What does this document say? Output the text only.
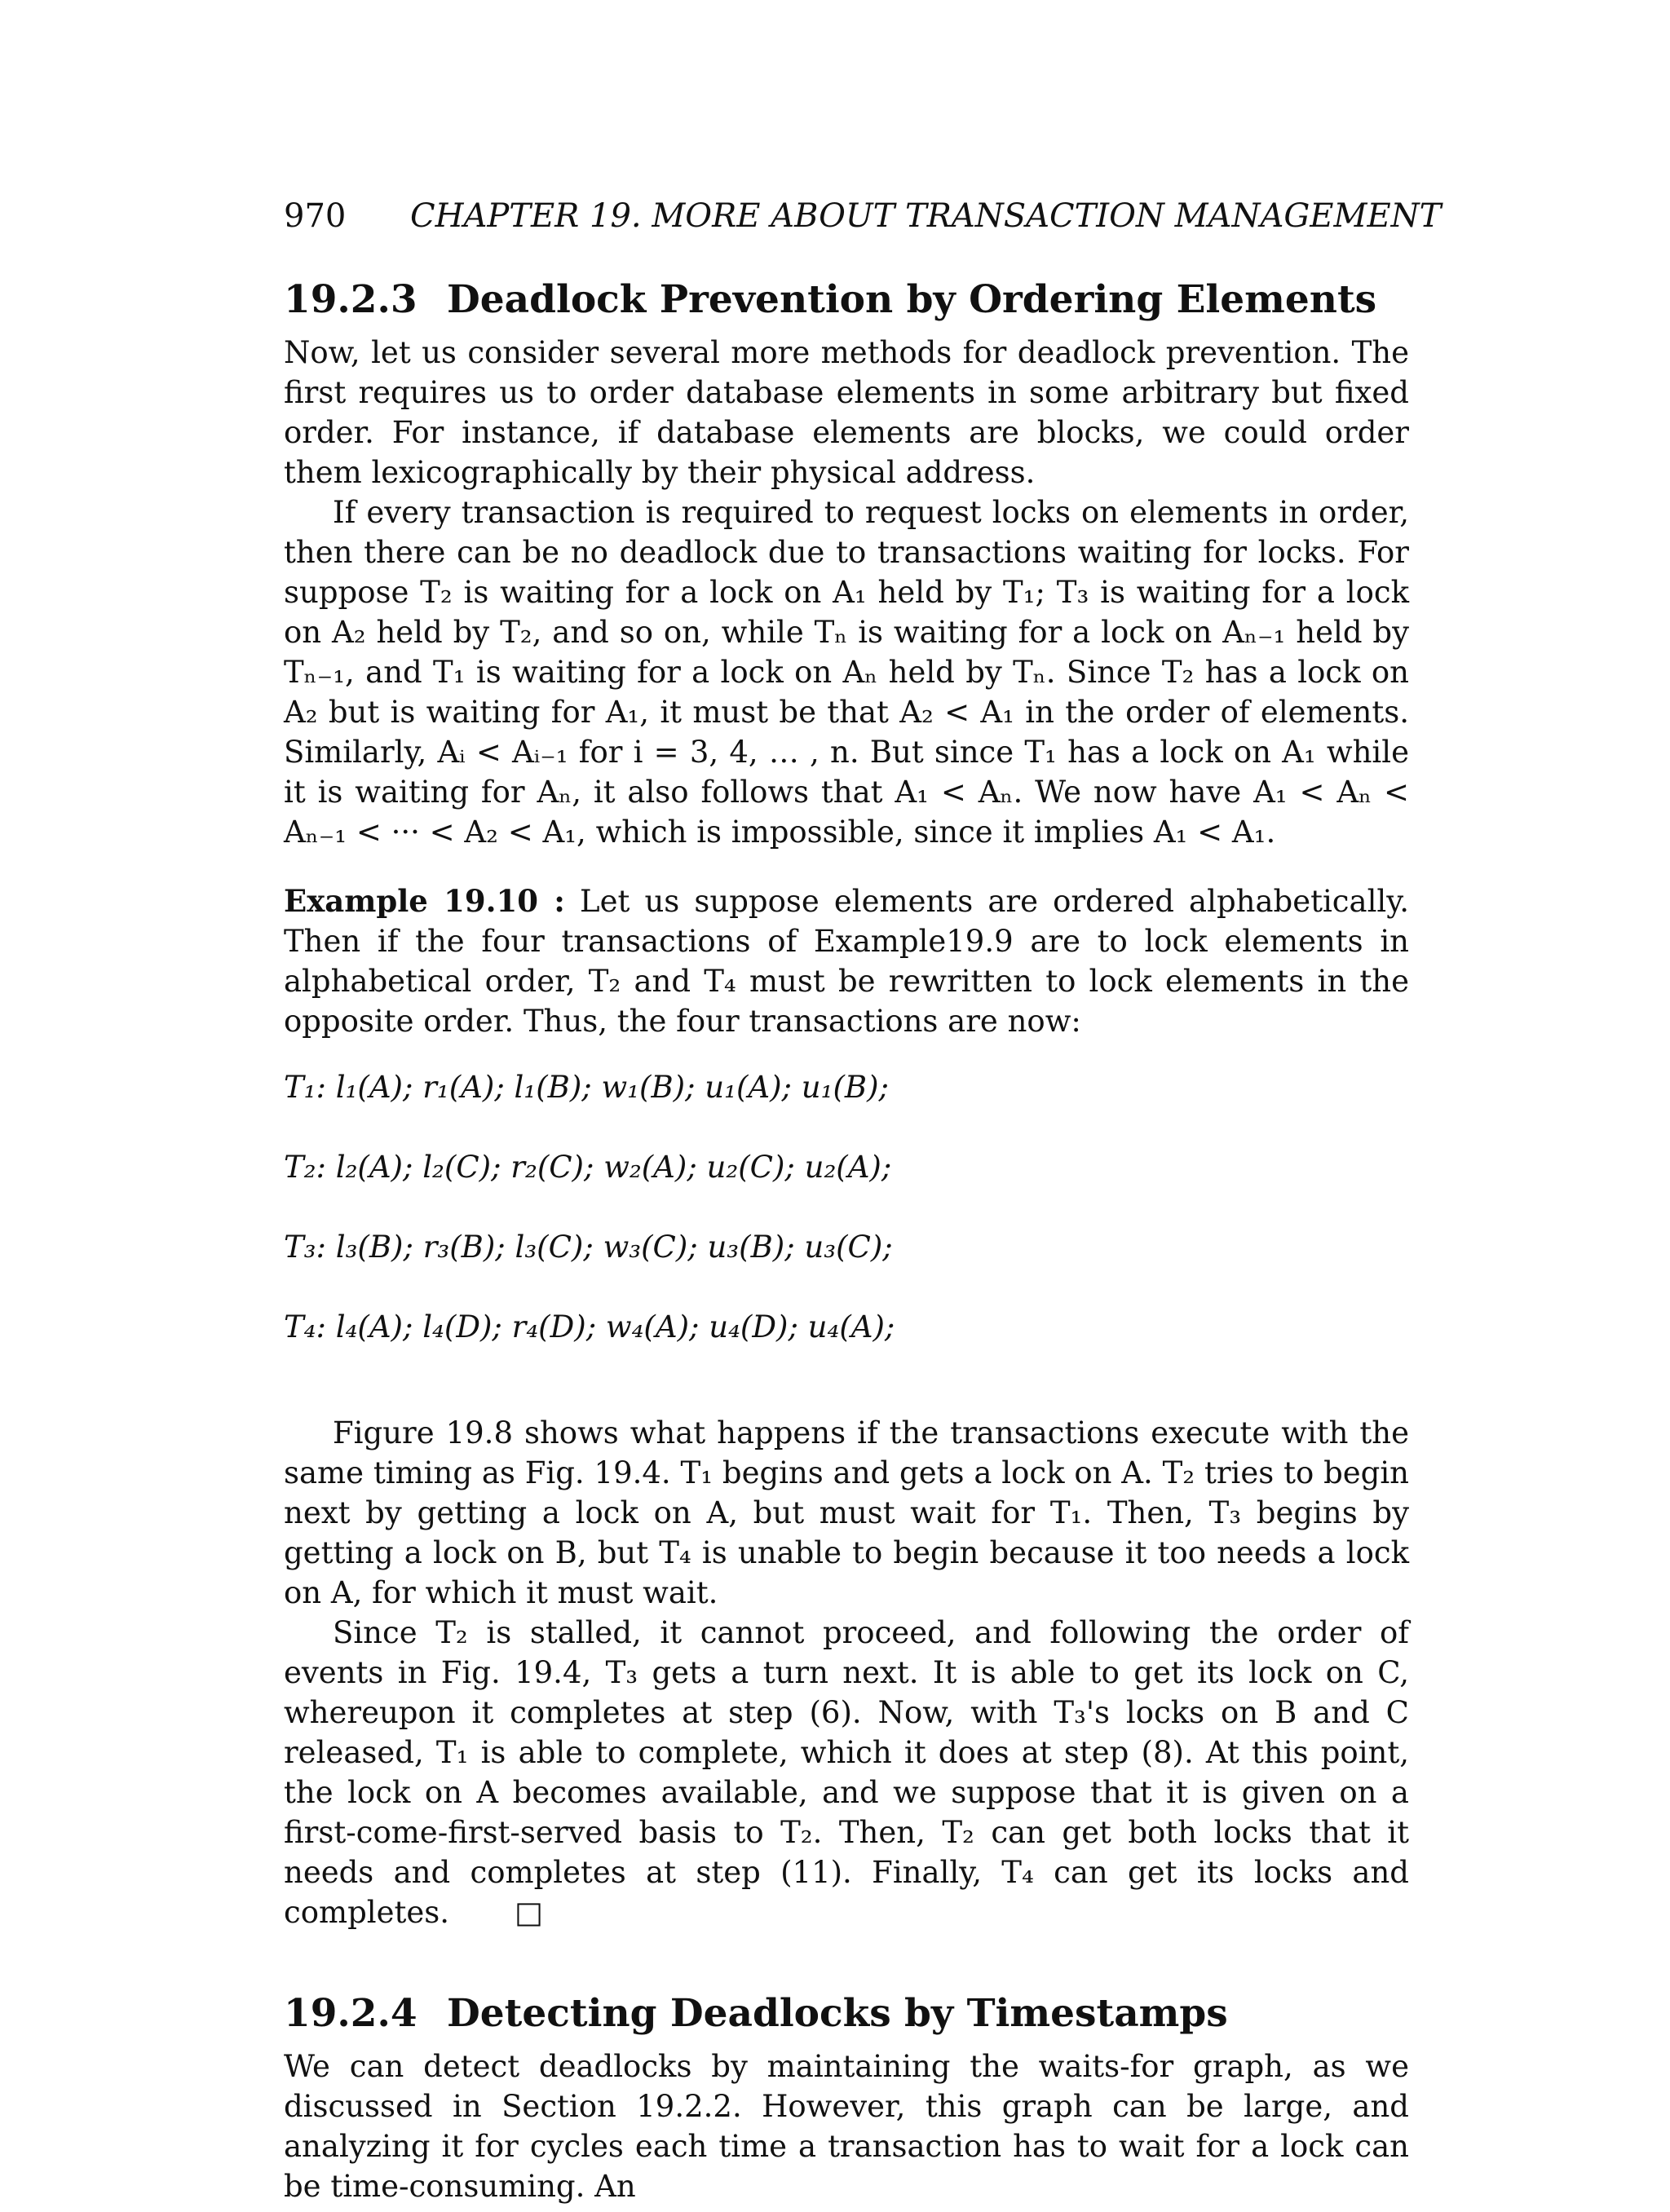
970 CHAPTER 19. MORE ABOUT TRANSACTION MANAGEMENT
19.2.3 Deadlock Prevention by Ordering Elements

Now, let us consider several more methods for deadlock prevention. The first requires us to order database elements in some arbitrary but fixed order. For instance, if database elements are blocks, we could order them lexicographically by their physical address.

If every transaction is required to request locks on elements in order, then there can be no deadlock due to transactions waiting for locks. For suppose T₂ is waiting for a lock on A₁ held by T₁; T₃ is waiting for a lock on A₂ held by T₂, and so on, while Tₙ is waiting for a lock on Aₙ₋₁ held by Tₙ₋₁, and T₁ is waiting for a lock on Aₙ held by Tₙ. Since T₂ has a lock on A₂ but is waiting for A₁, it must be that A₂ < A₁ in the order of elements. Similarly, Aᵢ < Aᵢ₋₁ for i = 3, 4, … , n. But since T₁ has a lock on A₁ while it is waiting for Aₙ, it also follows that A₁ < Aₙ. We now have A₁ < Aₙ < Aₙ₋₁ < ··· < A₂ < A₁, which is impossible, since it implies A₁ < A₁.

Example 19.10 : Let us suppose elements are ordered alphabetically. Then if the four transactions of Example19.9 are to lock elements in alphabetical order, T₂ and T₄ must be rewritten to lock elements in the opposite order. Thus, the four transactions are now:

T₁: l₁(A); r₁(A); l₁(B); w₁(B); u₁(A); u₁(B);
T₂: l₂(A); l₂(C); r₂(C); w₂(A); u₂(C); u₂(A);
T₃: l₃(B); r₃(B); l₃(C); w₃(C); u₃(B); u₃(C);
T₄: l₄(A); l₄(D); r₄(D); w₄(A); u₄(D); u₄(A);

Figure 19.8 shows what happens if the transactions execute with the same timing as Fig. 19.4. T₁ begins and gets a lock on A. T₂ tries to begin next by getting a lock on A, but must wait for T₁. Then, T₃ begins by getting a lock on B, but T₄ is unable to begin because it too needs a lock on A, for which it must wait.

Since T₂ is stalled, it cannot proceed, and following the order of events in Fig. 19.4, T₃ gets a turn next. It is able to get its lock on C, whereupon it completes at step (6). Now, with T₃'s locks on B and C released, T₁ is able to complete, which it does at step (8). At this point, the lock on A becomes available, and we suppose that it is given on a first-come-first-served basis to T₂. Then, T₂ can get both locks that it needs and completes at step (11). Finally, T₄ can get its locks and completes. □

19.2.4 Detecting Deadlocks by Timestamps

We can detect deadlocks by maintaining the waits-for graph, as we discussed in Section 19.2.2. However, this graph can be large, and analyzing it for cycles each time a transaction has to wait for a lock can be time-consuming. An
